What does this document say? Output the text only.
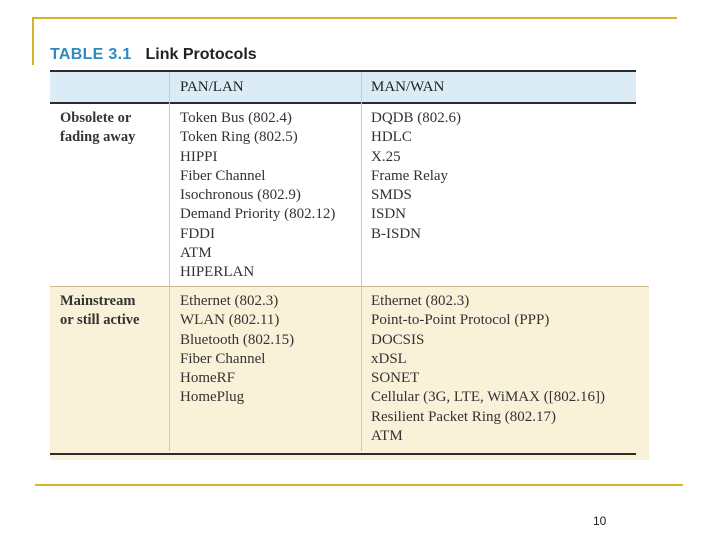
TABLE 3.1 Link Protocols
PAN/LAN	MAN/WAN
Obsolete or
fading away
Token Bus (802.4)
Token Ring (802.5)
HIPPI
Fiber Channel
Isochronous (802.9)
Demand Priority (802.12)
FDDI
ATM
HIPERLAN
DQDB (802.6)
HDLC
X.25
Frame Relay
SMDS
ISDN
B-ISDN
Mainstream
or still active
Ethernet (802.3)
WLAN (802.11)
Bluetooth (802.15)
Fiber Channel
HomeRF
HomePlug
Ethernet (802.3)
Point-to-Point Protocol (PPP)
DOCSIS
xDSL
SONET
Cellular (3G, LTE, WiMAX ([802.16])
Resilient Packet Ring (802.17)
ATM
10
